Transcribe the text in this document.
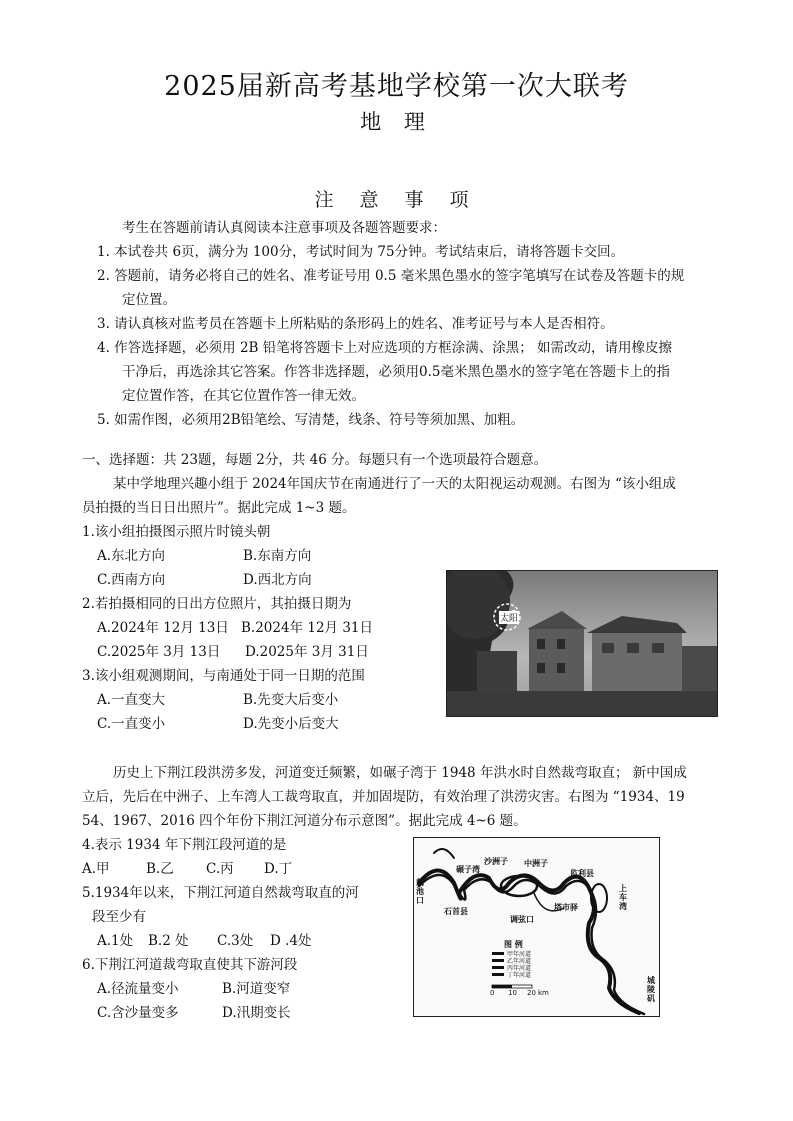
2025届新高考基地学校第一次大联考
地 理
注 意 事 项
考生在答题前请认真阅读本注意事项及各题答题要求：
1. 本试卷共 6页，满分为 100分，考试时间为 75分钟。考试结束后，请将答题卡交回。
2. 答题前，请务必将自己的姓名、准考证号用 0.5 毫米黑色墨水的签字笔填写在试卷及答题卡的规
定位置。
3. 请认真核对监考员在答题卡上所粘贴的条形码上的姓名、准考证号与本人是否相符。
4. 作答选择题，必须用 2B 铅笔将答题卡上对应选项的方框涂满、涂黑； 如需改动，请用橡皮擦
干净后，再选涂其它答案。作答非选择题，必须用0.5毫米黑色墨水的签字笔在答题卡上的指
定位置作答，在其它位置作答一律无效。
5. 如需作图，必须用2B铅笔绘、写清楚，线条、符号等须加黑、加粗。
一、选择题：共 23题，每题 2分，共 46 分。每题只有一个选项最符合题意。
某中学地理兴趣小组于 2024年国庆节在南通进行了一天的太阳视运动观测。右图为 “该小组成
员拍摄的当日日出照片”。据此完成 1~3 题。
1.该小组拍摄图示照片时镜头朝
A.东北方向	B.东南方向
C.西南方向	D.西北方向
2.若拍摄相同的日出方位照片，其拍摄日期为
A.2024年 12月 13日 B.2024年 12月 31日
C.2025年 3月 13日 D.2025年 3月 31日
3.该小组观测期间，与南通处于同一日期的范围
A.一直变大	B.先变大后变小
C.一直变小	D.先变小后变大
太阳
历史上下荆江段洪涝多发，河道变迁频繁，如碾子湾于 1948 年洪水时自然裁弯取直； 新中国成
立后，先后在中洲子、上车湾人工裁弯取直，并加固堤防，有效治理了洪涝灾害。右图为 “1934、19
54、1967、2016 四个年份下荆江河道分布示意图”。据此完成 4~6 题。
4.表示 1934 年下荆江段河道的是
A.甲	B.乙 C.丙 D.丁
5.1934年以来，下荆江河道自然裁弯取直的河
段至少有
A.1处 B.2 处 C.3处 D .4处
6.下荆江河道裁弯取直使其下游河段
A.径流量变小	B.河道变窄
C.含沙量变多	D.汛期变长
藕池口
碾子湾
沙洲子 中洲子
监利县
上车湾
石首县
调弦口
塔市驿
城陵矶
图 例
甲年河道
乙年河道
丙年河道
丁年河道
0 10 20 km
